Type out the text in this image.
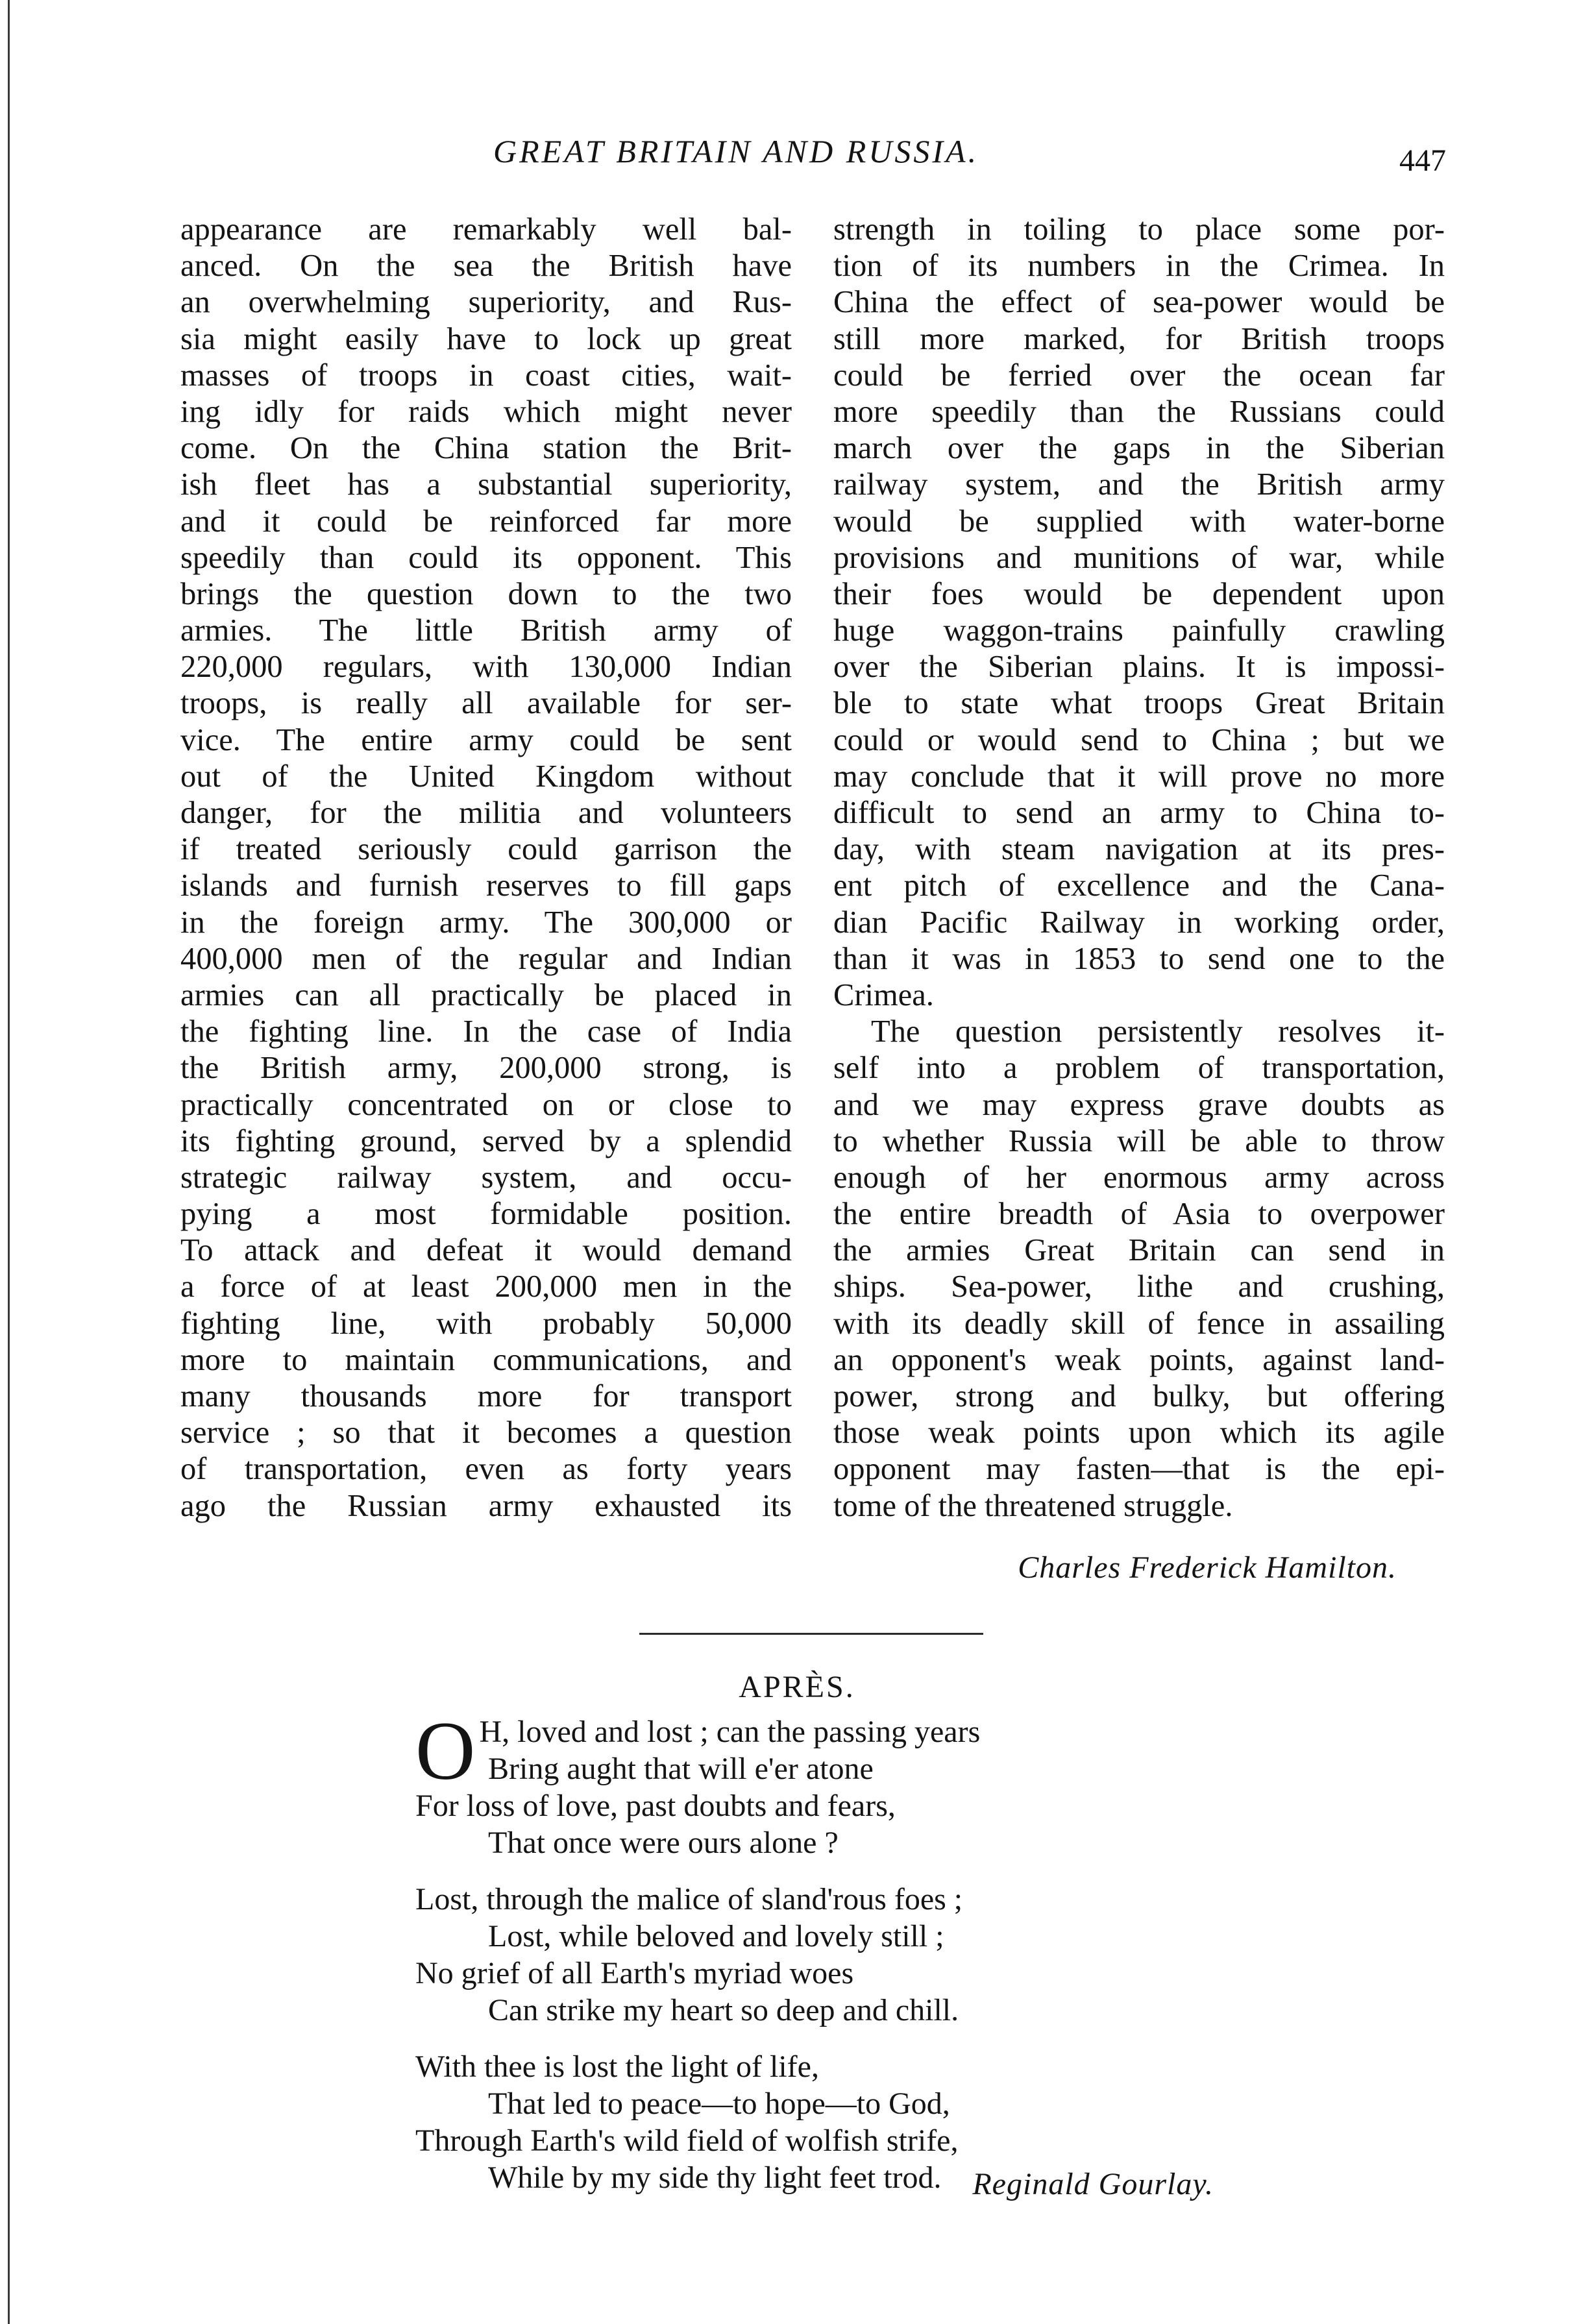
GREAT BRITAIN AND RUSSIA.	447
appearance are remarkably well bal-
anced. On the sea the British have
an overwhelming superiority, and Rus-
sia might easily have to lock up great
masses of troops in coast cities, wait-
ing idly for raids which might never
come. On the China station the Brit-
ish fleet has a substantial superiority,
and it could be reinforced far more
speedily than could its opponent. This
brings the question down to the two
armies. The little British army of
220,000 regulars, with 130,000 Indian
troops, is really all available for ser-
vice. The entire army could be sent
out of the United Kingdom without
danger, for the militia and volunteers
if treated seriously could garrison the
islands and furnish reserves to fill gaps
in the foreign army. The 300,000 or
400,000 men of the regular and Indian
armies can all practically be placed in
the fighting line. In the case of India
the British army, 200,000 strong, is
practically concentrated on or close to
its fighting ground, served by a splendid
strategic railway system, and occu-
pying a most formidable position.
To attack and defeat it would demand
a force of at least 200,000 men in the
fighting line, with probably 50,000
more to maintain communications, and
many thousands more for transport
service ; so that it becomes a question
of transportation, even as forty years
ago the Russian army exhausted its
strength in toiling to place some por-
tion of its numbers in the Crimea. In
China the effect of sea-power would be
still more marked, for British troops
could be ferried over the ocean far
more speedily than the Russians could
march over the gaps in the Siberian
railway system, and the British army
would be supplied with water-borne
provisions and munitions of war, while
their foes would be dependent upon
huge waggon-trains painfully crawling
over the Siberian plains. It is impossi-
ble to state what troops Great Britain
could or would send to China ; but we
may conclude that it will prove no more
difficult to send an army to China to-
day, with steam navigation at its pres-
ent pitch of excellence and the Cana-
dian Pacific Railway in working order,
than it was in 1853 to send one to the
Crimea.
The question persistently resolves it-
self into a problem of transportation,
and we may express grave doubts as
to whether Russia will be able to throw
enough of her enormous army across
the entire breadth of Asia to overpower
the armies Great Britain can send in
ships. Sea-power, lithe and crushing,
with its deadly skill of fence in assailing
an opponent's weak points, against land-
power, strong and bulky, but offering
those weak points upon which its agile
opponent may fasten—that is the epi-
tome of the threatened struggle.
Charles Frederick Hamilton.
APRÈS.
O H, loved and lost ; can the passing years
Bring aught that will e'er atone
For loss of love, past doubts and fears,
That once were ours alone ?
Lost, through the malice of sland'rous foes ;
Lost, while beloved and lovely still ;
No grief of all Earth's myriad woes
Can strike my heart so deep and chill.
With thee is lost the light of life,
That led to peace—to hope—to God,
Through Earth's wild field of wolfish strife,
While by my side thy light feet trod. Reginald Gourlay.
